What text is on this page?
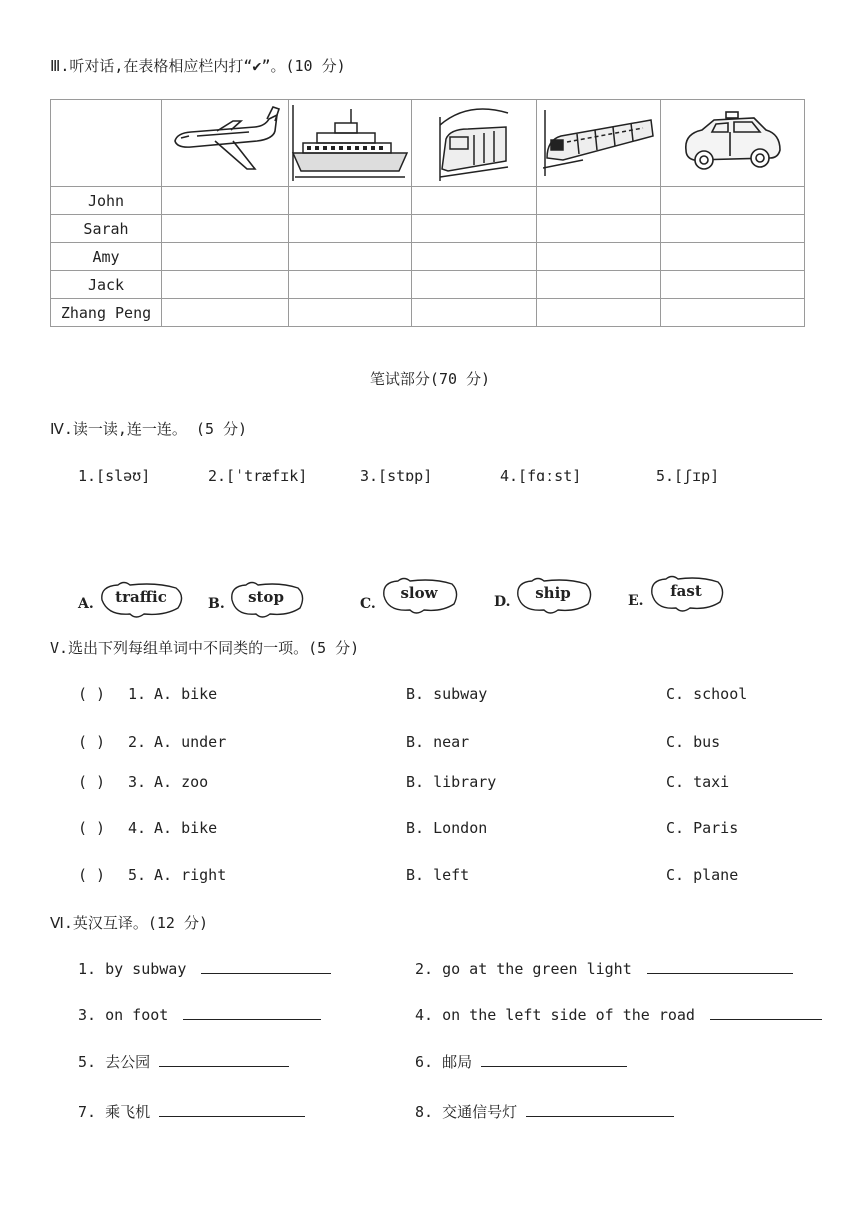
Ⅲ.听对话,在表格相应栏内打“✔”。(10 分)

John					
Sarah					
Amy					
Jack					
Zhang Peng					
笔试部分(70 分)
Ⅳ.读一读,连一连。 (5 分)
1.[sləʊ]	2.[ˈtræfɪk]	3.[stɒp]	4.[fɑːst]	5.[ʃɪp]
A.	traffic	B.	stop	C.
slow	D.	ship	E.
fast
V.选出下列每组单词中不同类的一项。(5 分)
( ) 1. A. bike	B. subway	C. school
( ) 2. A. under	B. near	C. bus
( ) 3. A. zoo	B. library	C. taxi
( ) 4. A. bike	B. London	C. Paris
( ) 5. A. right	B. left	C. plane
Ⅵ.英汉互译。(12 分)
1. by subway	2. go at the green light
3. on foot	4. on the left side of the road
5. 去公园	6. 邮局
7. 乘飞机	8. 交通信号灯
